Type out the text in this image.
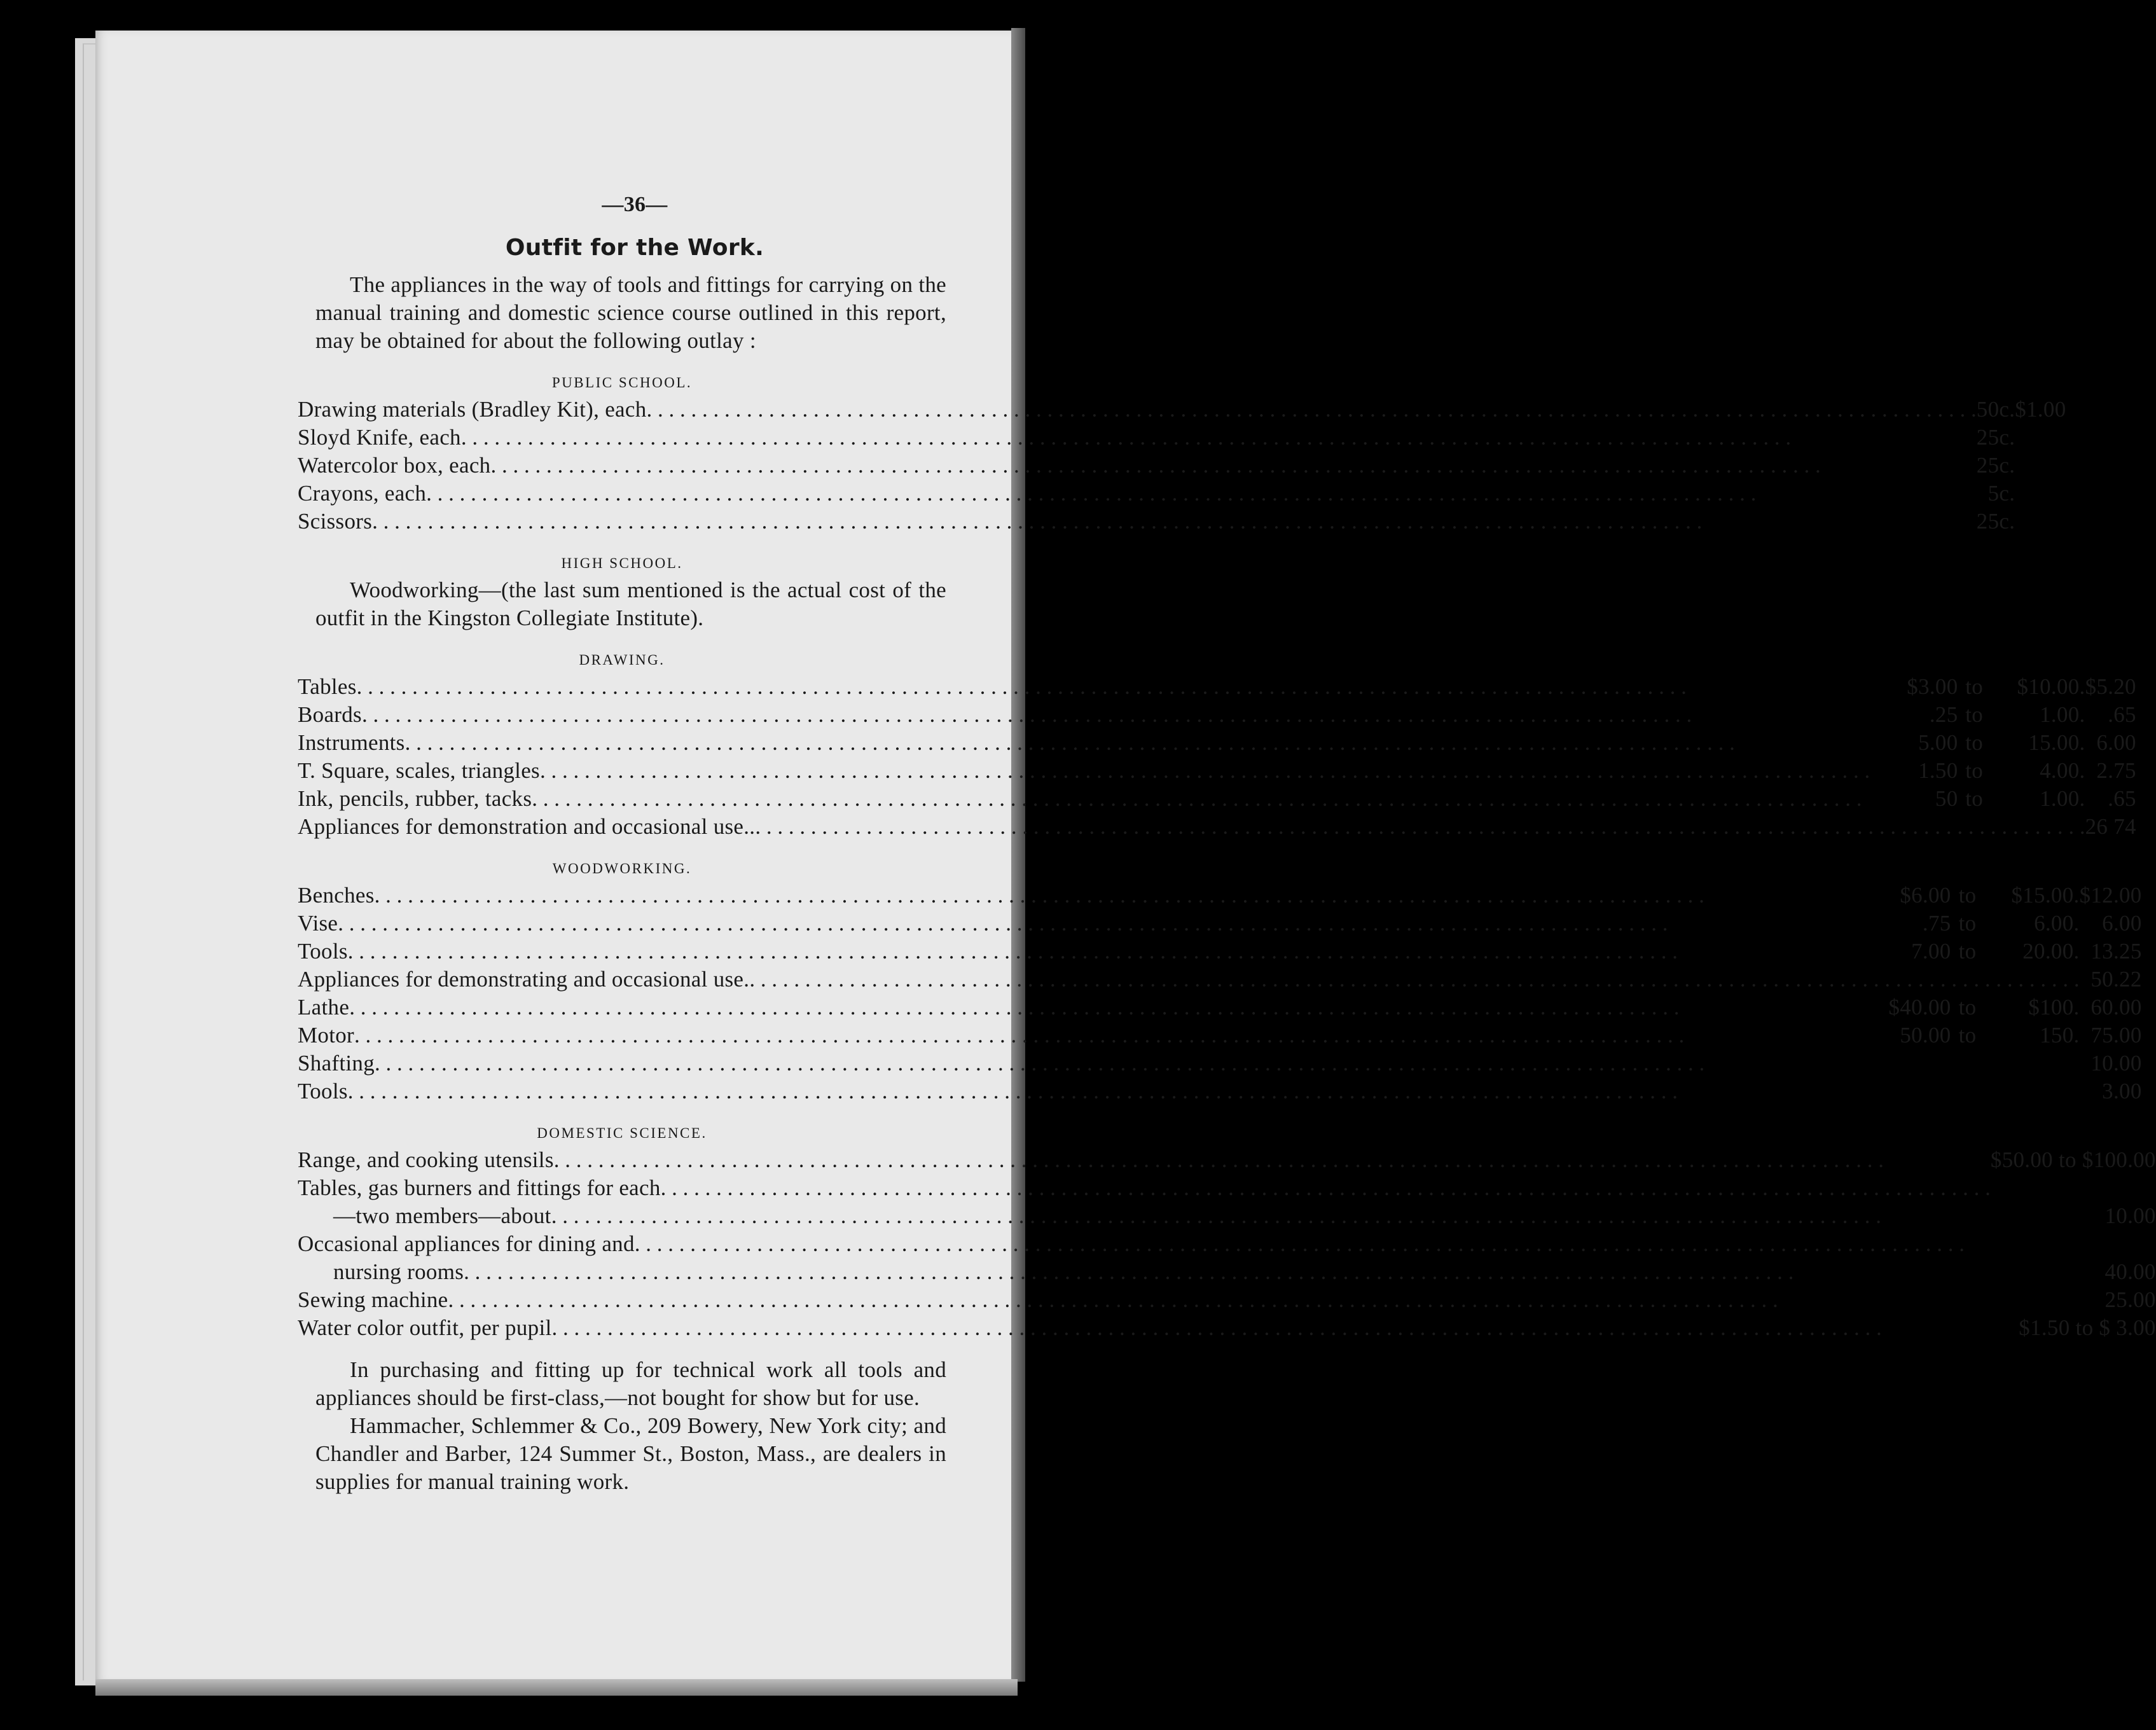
—36—
Outfit for the Work.

The appliances in the way of tools and fittings for carrying on the manual training and domestic science course outlined in this report, may be obtained for about the following outlay :

PUBLIC SCHOOL.
Drawing materials (Bradley Kit), each
. . .	50c.	$1.00

Sloyd Knife, each
. . .	25c.	

Watercolor box, each
. . .	25c.	

Crayons, each
. . .	5c.	

Scissors
. . .	25c.	
HIGH SCHOOL.

Woodworking—(the last sum mentioned is the actual cost of the outfit in the Kingston Collegiate Institute).

DRAWING.
Tables
. . .	$3.00	to	$10.00.	$5.20

Boards
. . .	.25	to	1.00.	.65

Instruments
. . .	5.00	to	15.00.	6.00

T. Square, scales, triangles
. . .	1.50	to	4.00.	2.75

Ink, pencils, rubber, tacks
. . .	50	to	1.00.	.65

Appliances for demonstration and occasional use..
. . .				26 74
WOODWORKING.
Benches
. . .	$6.00	to	$15.00.	$12.00

Vise
. . .	.75	to	6.00.	6.00

Tools
. . .	7.00	to	20.00.	13.25

Appliances for demonstrating and occasional use.
. . .				50.22

Lathe
. . .	$40.00	to	$100.	60.00

Motor
. . .	50.00	to	150.	75.00

Shafting
. . .				10.00

Tools
. . .				3.00
DOMESTIC SCIENCE.
Range, and cooking utensils
. . .	$50.00 to $100.00	

Tables, gas burners and fittings for each
. . .

—two members—about
. . .		10.00

Occasional appliances for dining and
. . .

nursing rooms
. . .		40.00

Sewing machine
. . .		25.00

Water color outfit, per pupil
. . .	$1.50 to $ 3.00	

In purchasing and fitting up for technical work all tools and appliances should be first-class,—not bought for show but for use.

Hammacher, Schlemmer & Co., 209 Bowery, New York city; and Chandler and Barber, 124 Summer St., Boston, Mass., are dealers in supplies for manual training work.
